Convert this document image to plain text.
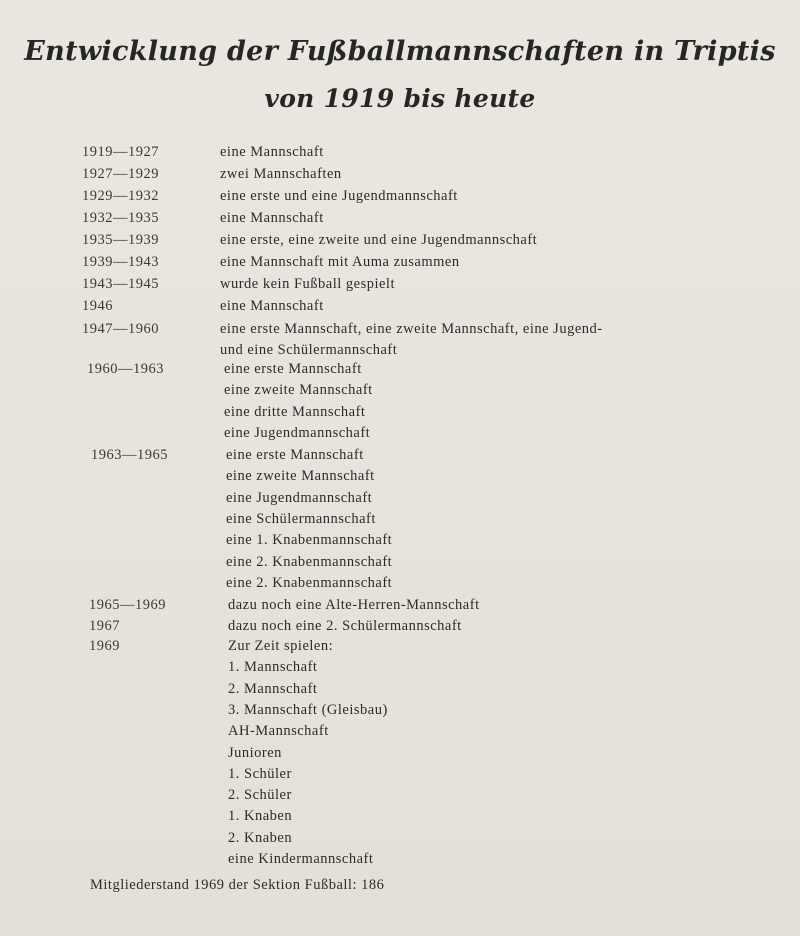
Entwicklung der Fußballmannschaften in Triptis
von 1919 bis heute
1919—1927	eine Mannschaft
1927—1929	zwei Mannschaften
1929—1932	eine erste und eine Jugendmannschaft
1932—1935	eine Mannschaft
1935—1939	eine erste, eine zweite und eine Jugendmannschaft
1939—1943	eine Mannschaft mit Auma zusammen
1943—1945	wurde kein Fußball gespielt
1946	eine Mannschaft
1947—1960	eine erste Mannschaft, eine zweite Mannschaft, eine Jugend-
und eine Schülermannschaft
1960—1963	eine erste Mannschaft
eine zweite Mannschaft
eine dritte Mannschaft
eine Jugendmannschaft
1963—1965	eine erste Mannschaft
eine zweite Mannschaft
eine Jugendmannschaft
eine Schülermannschaft
eine 1. Knabenmannschaft
eine 2. Knabenmannschaft
eine 2. Knabenmannschaft
1965—1969	dazu noch eine Alte-Herren-Mannschaft
1967	dazu noch eine 2. Schülermannschaft
1969	Zur Zeit spielen:
1. Mannschaft
2. Mannschaft
3. Mannschaft (Gleisbau)
AH-Mannschaft
Junioren
1. Schüler
2. Schüler
1. Knaben
2. Knaben
eine Kindermannschaft
Mitgliederstand 1969 der Sektion Fußball: 186
